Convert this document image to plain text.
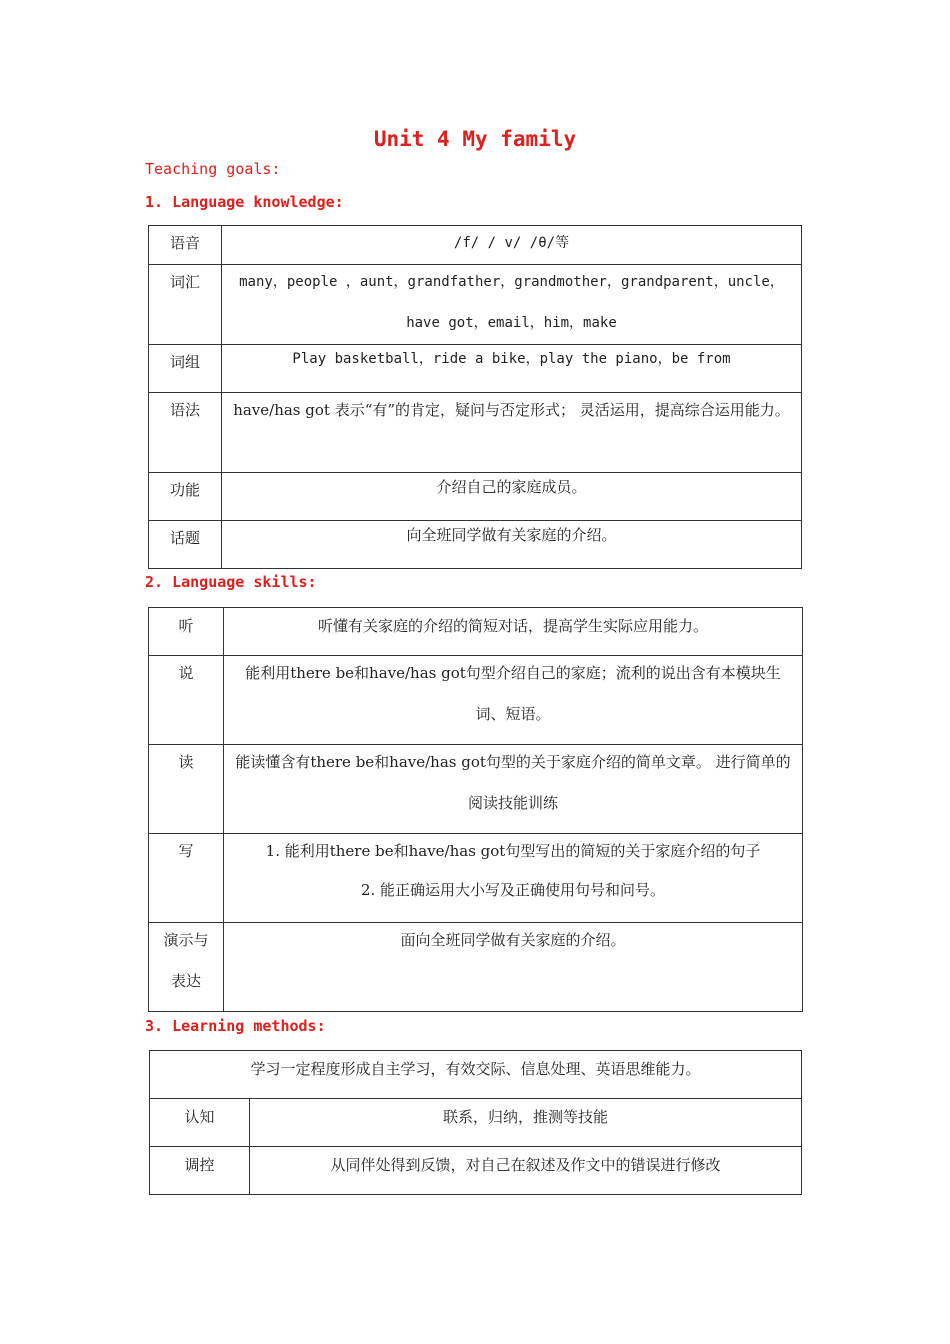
Unit 4 My family
Teaching goals:
1. Language knowledge:
语音	/f/ / v/ /θ/等

词汇	many，people ，aunt，grandfather，grandmother，grandparent，uncle，have got，email，him，make

词组	Play basketball，ride a bike，play the piano，be from

语法	have/has got 表示“有”的肯定，疑问与否定形式； 灵活运用，提高综合运用能力。

功能	介绍自己的家庭成员。

话题	向全班同学做有关家庭的介绍。
2. Language skills:
听	听懂有关家庭的介绍的简短对话，提高学生实际应用能力。

说	能利用there be和have/has got句型介绍自己的家庭；流利的说出含有本模块生词、短语。

读	能读懂含有there be和have/has got句型的关于家庭介绍的简单文章。 进行简单的阅读技能训练

写	1. 能利用there be和have/has got句型写出的简短的关于家庭介绍的句子
2. 能正确运用大小写及正确使用句号和问号。

演示与表达	面向全班同学做有关家庭的介绍。
3. Learning methods:
学习一定程度形成自主学习，有效交际、信息处理、英语思维能力。	

认知	联系，归纳，推测等技能

调控	从同伴处得到反馈，对自己在叙述及作文中的错误进行修改
